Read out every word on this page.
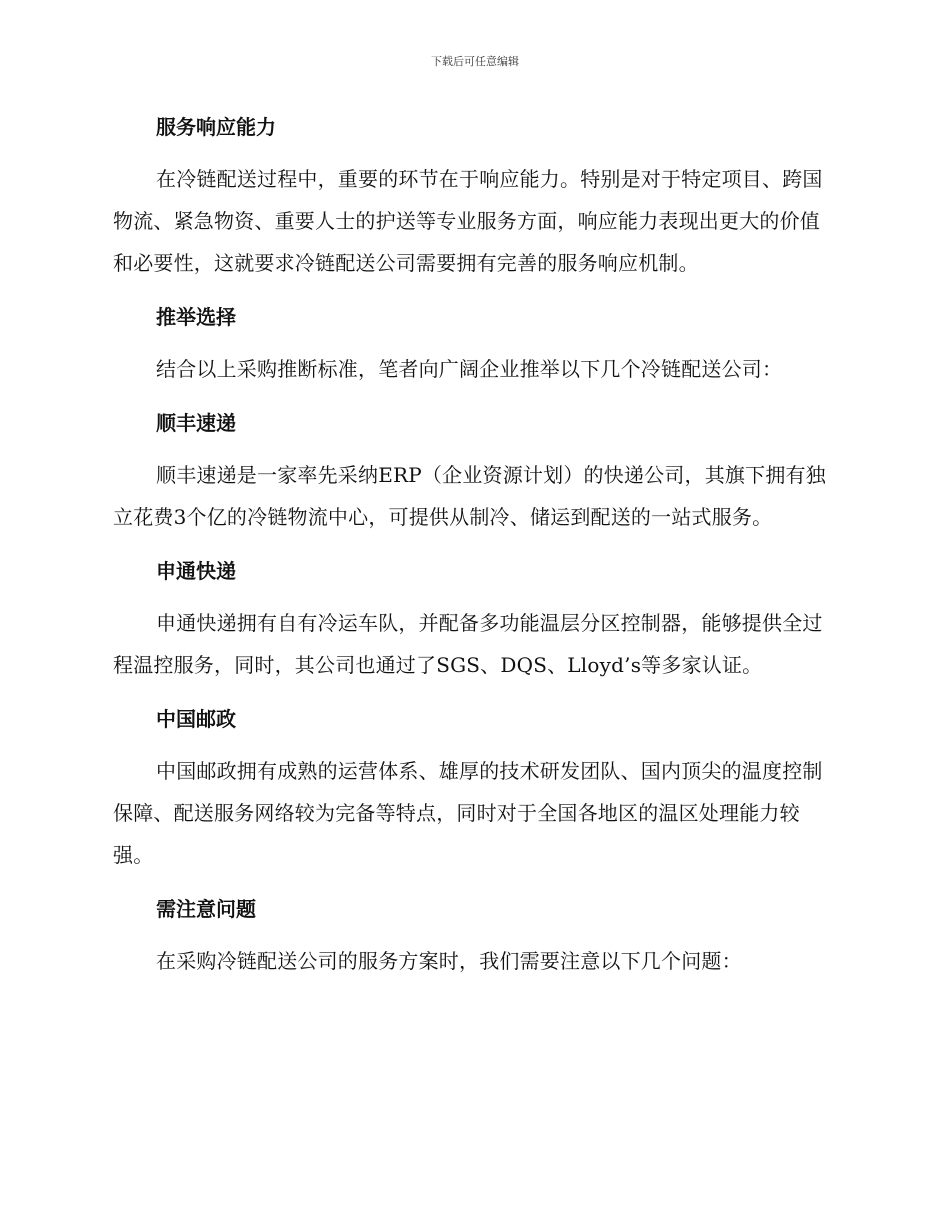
下载后可任意编辑
服务响应能力

在冷链配送过程中，重要的环节在于响应能力。特别是对于特定项目、跨国物流、紧急物资、重要人士的护送等专业服务方面，响应能力表现出更大的价值和必要性，这就要求冷链配送公司需要拥有完善的服务响应机制。

推举选择

结合以上采购推断标准，笔者向广阔企业推举以下几个冷链配送公司：

顺丰速递

顺丰速递是一家率先采纳ERP（企业资源计划）的快递公司，其旗下拥有独立花费3个亿的冷链物流中心，可提供从制冷、储运到配送的一站式服务。

申通快递

申通快递拥有自有冷运车队，并配备多功能温层分区控制器，能够提供全过程温控服务，同时，其公司也通过了SGS、DQS、Lloyd’s等多家认证。

中国邮政

中国邮政拥有成熟的运营体系、雄厚的技术研发团队、国内顶尖的温度控制保障、配送服务网络较为完备等特点，同时对于全国各地区的温区处理能力较强。

需注意问题

在采购冷链配送公司的服务方案时，我们需要注意以下几个问题：
